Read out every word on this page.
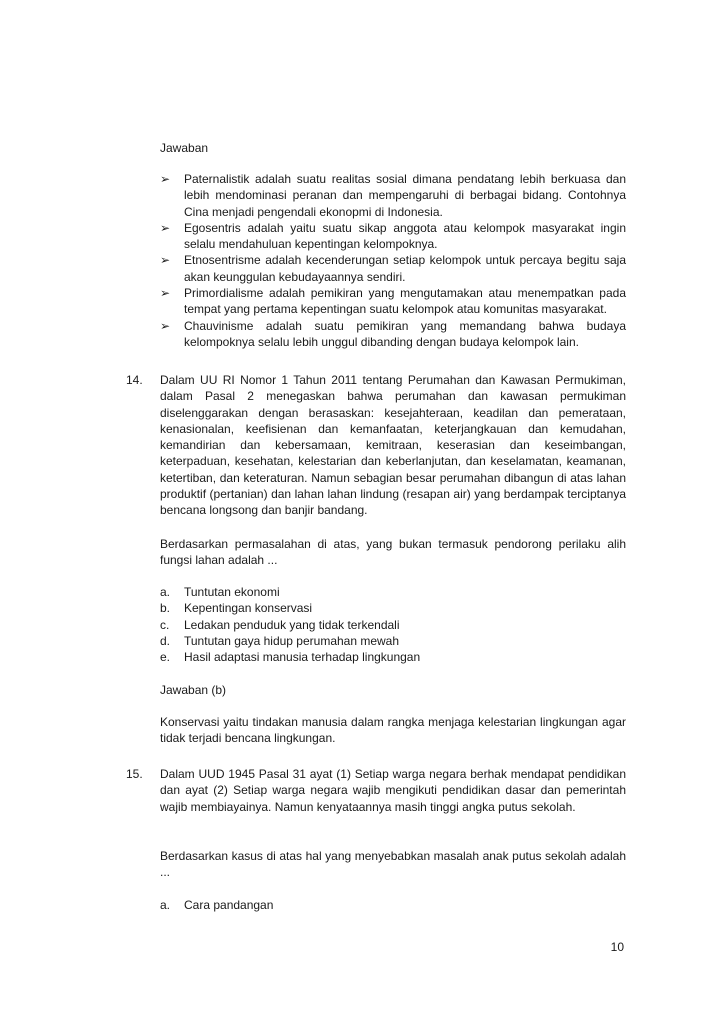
Jawaban
➢ Paternalistik adalah suatu realitas sosial dimana pendatang lebih berkuasa dan lebih mendominasi peranan dan mempengaruhi di berbagai bidang. Contohnya Cina menjadi pengendali ekonopmi di Indonesia.
➢ Egosentris adalah yaitu suatu sikap anggota atau kelompok masyarakat ingin selalu mendahuluan kepentingan kelompoknya.
➢ Etnosentrisme adalah kecenderungan setiap kelompok untuk percaya begitu saja akan keunggulan kebudayaannya sendiri.
➢ Primordialisme adalah pemikiran yang mengutamakan atau menempatkan pada tempat yang pertama kepentingan suatu kelompok atau komunitas masyarakat.
➢ Chauvinisme adalah suatu pemikiran yang memandang bahwa budaya kelompoknya selalu lebih unggul dibanding dengan budaya kelompok lain.
14. Dalam UU RI Nomor 1 Tahun 2011 tentang Perumahan dan Kawasan Permukiman, dalam Pasal 2 menegaskan bahwa perumahan dan kawasan permukiman diselenggarakan dengan berasaskan: kesejahteraan, keadilan dan pemerataan, kenasionalan, keefisienan dan kemanfaatan, keterjangkauan dan kemudahan, kemandirian dan kebersamaan, kemitraan, keserasian dan keseimbangan, keterpaduan, kesehatan, kelestarian dan keberlanjutan, dan keselamatan, keamanan, ketertiban, dan keteraturan. Namun sebagian besar perumahan dibangun di atas lahan produktif (pertanian) dan lahan lahan lindung (resapan air) yang berdampak terciptanya bencana longsong dan banjir bandang.
Berdasarkan permasalahan di atas, yang bukan termasuk pendorong perilaku alih fungsi lahan adalah ...
a. Tuntutan ekonomi
b. Kepentingan konservasi
c. Ledakan penduduk yang tidak terkendali
d. Tuntutan gaya hidup perumahan mewah
e. Hasil adaptasi manusia terhadap lingkungan
Jawaban (b)
Konservasi yaitu tindakan manusia dalam rangka menjaga kelestarian lingkungan agar tidak terjadi bencana lingkungan.
15. Dalam UUD 1945 Pasal 31 ayat (1) Setiap warga negara berhak mendapat pendidikan dan ayat (2) Setiap warga negara wajib mengikuti pendidikan dasar dan pemerintah wajib membiayainya. Namun kenyataannya masih tinggi angka putus sekolah.
Berdasarkan kasus di atas hal yang menyebabkan masalah anak putus sekolah adalah ...
a. Cara pandangan
10
